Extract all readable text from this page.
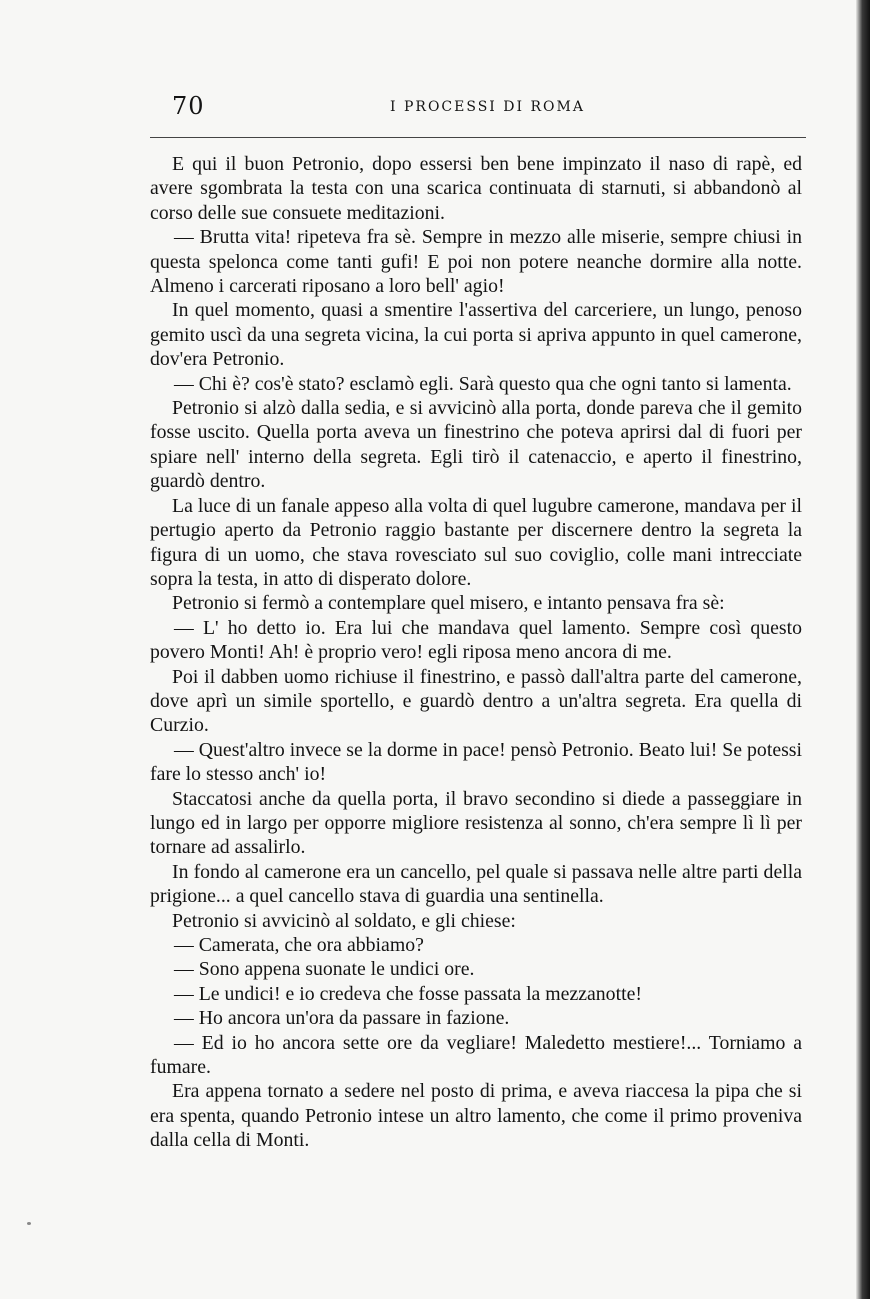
70	I PROCESSI DI ROMA

E qui il buon Petronio, dopo essersi ben bene impinzato il naso di rapè, ed avere sgombrata la testa con una scarica continuata di starnuti, si abbandonò al corso delle sue consuete meditazioni.

— Brutta vita! ripeteva fra sè. Sempre in mezzo alle miserie, sempre chiusi in questa spelonca come tanti gufi! E poi non potere neanche dormire alla notte. Almeno i carcerati riposano a loro bell' agio!

In quel momento, quasi a smentire l'assertiva del carceriere, un lungo, penoso gemito uscì da una segreta vicina, la cui porta si apriva appunto in quel camerone, dov'era Petronio.

— Chi è? cos'è stato? esclamò egli. Sarà questo qua che ogni tanto si lamenta.

Petronio si alzò dalla sedia, e si avvicinò alla porta, donde pareva che il gemito fosse uscito. Quella porta aveva un finestrino che poteva aprirsi dal di fuori per spiare nell' interno della segreta. Egli tirò il catenaccio, e aperto il finestrino, guardò dentro.

La luce di un fanale appeso alla volta di quel lugubre camerone, mandava per il pertugio aperto da Petronio raggio bastante per discernere dentro la segreta la figura di un uomo, che stava rovesciato sul suo coviglio, colle mani intrecciate sopra la testa, in atto di disperato dolore.

Petronio si fermò a contemplare quel misero, e intanto pensava fra sè:

— L' ho detto io. Era lui che mandava quel lamento. Sempre così questo povero Monti! Ah! è proprio vero! egli riposa meno ancora di me.

Poi il dabben uomo richiuse il finestrino, e passò dall'altra parte del camerone, dove aprì un simile sportello, e guardò dentro a un'altra segreta. Era quella di Curzio.

— Quest'altro invece se la dorme in pace! pensò Petronio. Beato lui! Se potessi fare lo stesso anch' io!

Staccatosi anche da quella porta, il bravo secondino si diede a passeggiare in lungo ed in largo per opporre migliore resistenza al sonno, ch'era sempre lì lì per tornare ad assalirlo.

In fondo al camerone era un cancello, pel quale si passava nelle altre parti della prigione... a quel cancello stava di guardia una sentinella.

Petronio si avvicinò al soldato, e gli chiese:

— Camerata, che ora abbiamo?

— Sono appena suonate le undici ore.

— Le undici! e io credeva che fosse passata la mezzanotte!

— Ho ancora un'ora da passare in fazione.

— Ed io ho ancora sette ore da vegliare! Maledetto mestiere!... Torniamo a fumare.

Era appena tornato a sedere nel posto di prima, e aveva riaccesa la pipa che si era spenta, quando Petronio intese un altro lamento, che come il primo proveniva dalla cella di Monti.
